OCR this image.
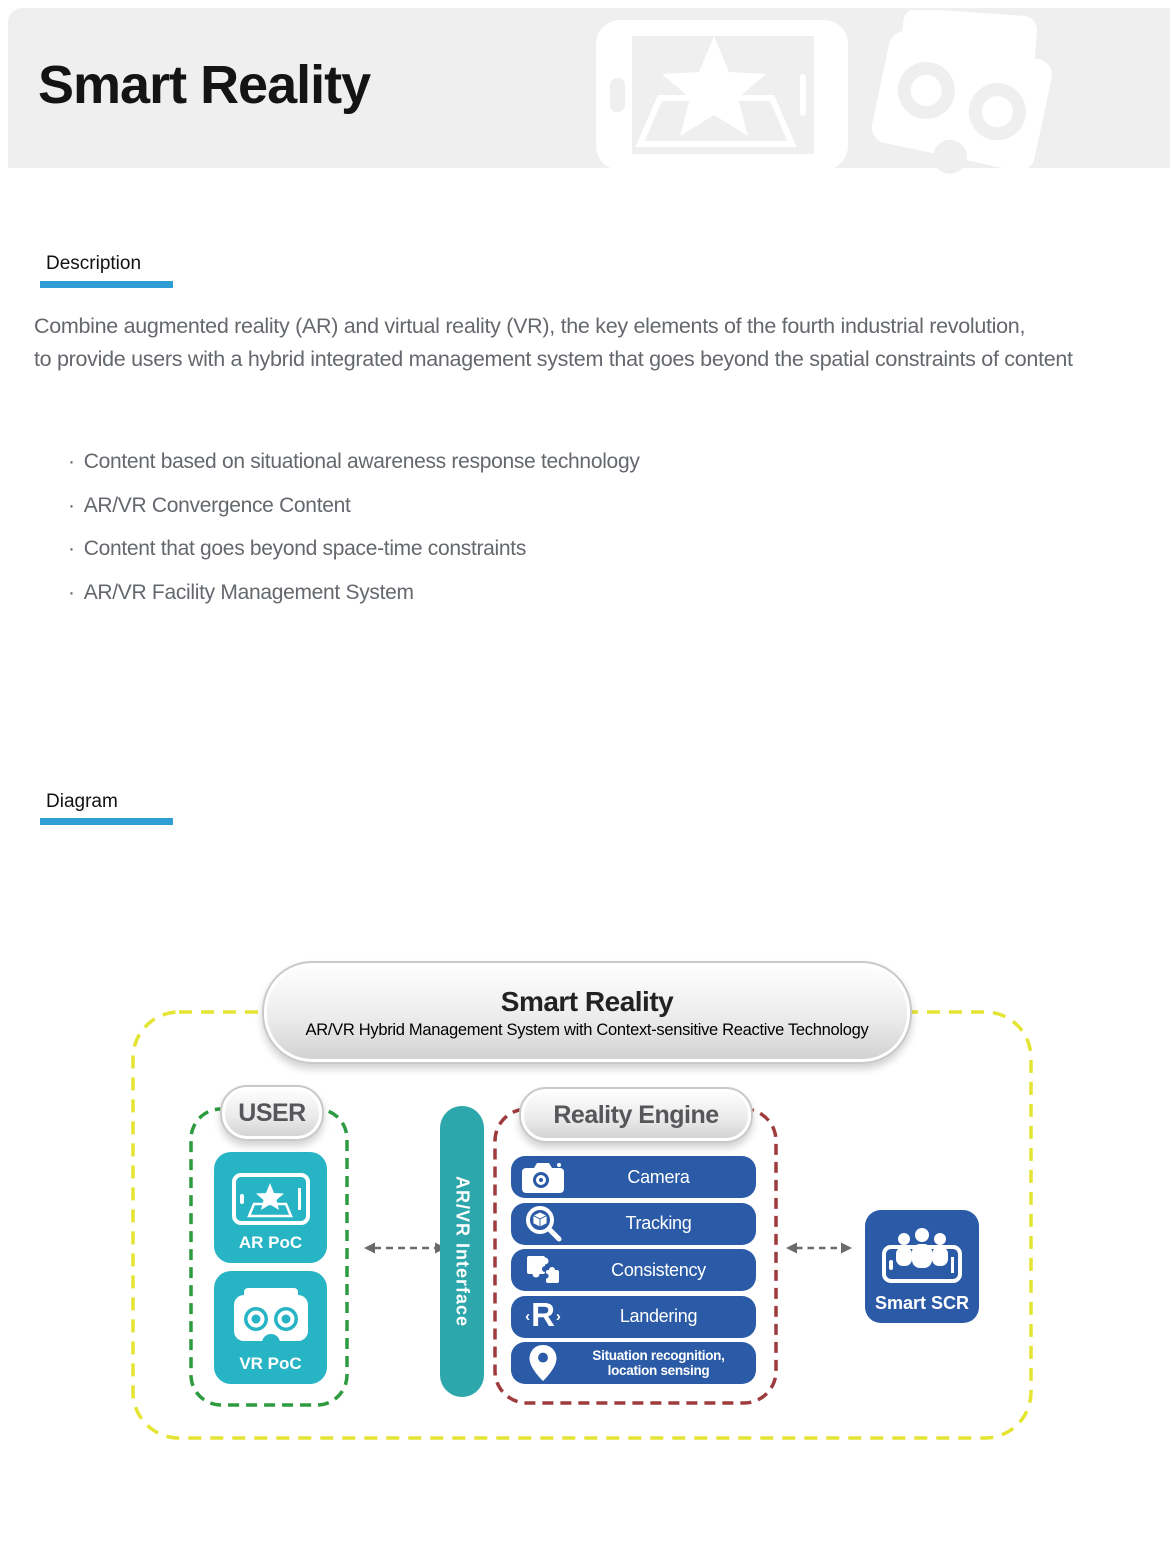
Smart Reality
Description
Combine augmented reality (AR) and virtual reality (VR), the key elements of the fourth industrial revolution,
to provide users with a hybrid integrated management system that goes beyond the spatial constraints of content
· Content based on situational awareness response technology
· AR/VR Convergence Content
· Content that goes beyond space-time constraints
· AR/VR Facility Management System
Diagram
Smart Reality
AR/VR Hybrid Management System with Context-sensitive Reactive Technology
USER
AR PoC
VR PoC
AR/VR Interface
Reality Engine
Camera
Tracking
Consistency
‹ R ›	Landering
Situation recognition,
location sensing
Smart SCR
